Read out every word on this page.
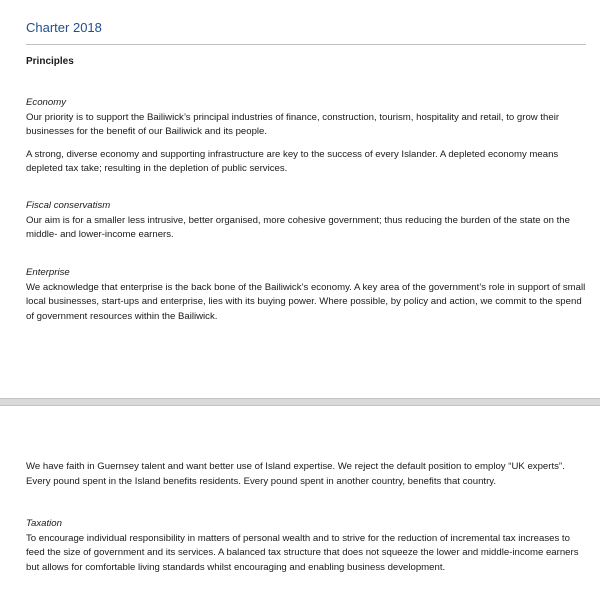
Charter 2018
Principles

Economy

Our priority is to support the Bailiwick’s principal industries of finance, construction, tourism, hospitality and retail, to grow their businesses for the benefit of our Bailiwick and its people.

A strong, diverse economy and supporting infrastructure are key to the success of every Islander. A depleted economy means depleted tax take; resulting in the depletion of public services.

Fiscal conservatism

Our aim is for a smaller less intrusive, better organised, more cohesive government; thus reducing the burden of the state on the middle- and lower-income earners.

Enterprise

We acknowledge that enterprise is the back bone of the Bailiwick’s economy. A key area of the government’s role in support of small local businesses, start-ups and enterprise, lies with its buying power. Where possible, by policy and action, we commit to the spend of government resources within the Bailiwick.

We have faith in Guernsey talent and want better use of Island expertise. We reject the default position to employ “UK experts”. Every pound spent in the Island benefits residents. Every pound spent in another country, benefits that country.

Taxation

To encourage individual responsibility in matters of personal wealth and to strive for the reduction of incremental tax increases to feed the size of government and its services. A balanced tax structure that does not squeeze the lower and middle-income earners but allows for comfortable living standards whilst encouraging and enabling business development.
